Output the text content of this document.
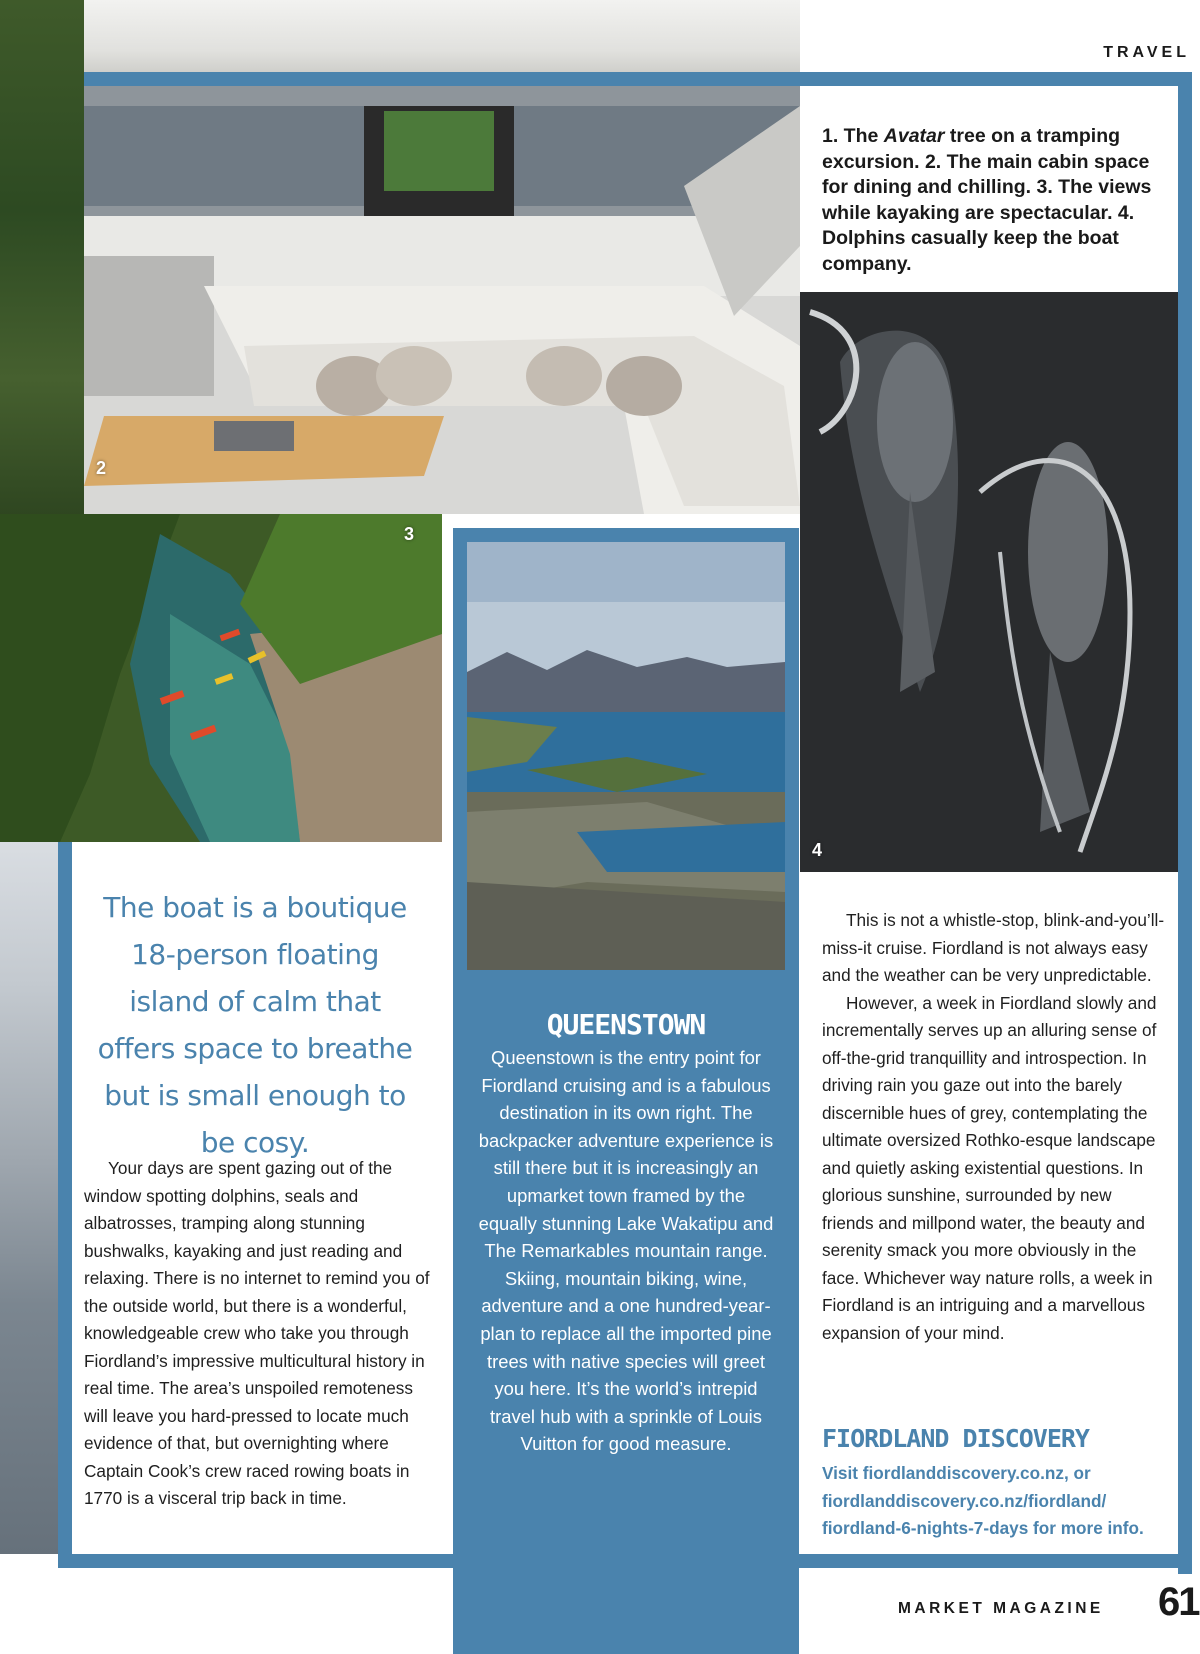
TRAVEL
2
3
4
1. The Avatar tree on a tramping excursion. 2. The main cabin space for dining and chilling. 3. The views while kayaking are spectacular. 4. Dolphins casually keep the boat company.
The boat is a boutique 18-person floating island of calm that offers space to breathe but is small enough to be cosy.

Your days are spent gazing out of the window spotting dolphins, seals and albatrosses, tramping along stunning bushwalks, kayaking and just reading and relaxing. There is no internet to remind you of the outside world, but there is a wonderful, knowledgeable crew who take you through Fiordland’s impressive multicultural history in real time. The area’s unspoiled remoteness will leave you hard-pressed to locate much evidence of that, but overnighting where Captain Cook’s crew raced rowing boats in 1770 is a visceral trip back in time.

QUEENSTOWN
Queenstown is the entry point for Fiordland cruising and is a fabulous destination in its own right. The backpacker adventure experience is still there but it is increasingly an upmarket town framed by the equally stunning Lake Wakatipu and The Remarkables mountain range. Skiing, mountain biking, wine, adventure and a one hundred-year-plan to replace all the imported pine trees with native species will greet you here. It’s the world’s intrepid travel hub with a sprinkle of Louis Vuitton for good measure.

This is not a whistle-stop, blink-and-you’ll-miss-it cruise. Fiordland is not always easy and the weather can be very unpredictable.

However, a week in Fiordland slowly and incrementally serves up an alluring sense of off-the-grid tranquillity and introspection. In driving rain you gaze out into the barely discernible hues of grey, contemplating the ultimate oversized Rothko-esque landscape and quietly asking existential questions. In glorious sunshine, surrounded by new friends and millpond water, the beauty and serenity smack you more obviously in the face. Whichever way nature rolls, a week in Fiordland is an intriguing and a marvellous expansion of your mind.

FIORDLAND DISCOVERY
Visit fiordlanddiscovery.co.nz, or fiordlanddiscovery.co.nz/fiordland/ fiordland-6-nights-7-days for more info.
MARKET MAGAZINE 61
